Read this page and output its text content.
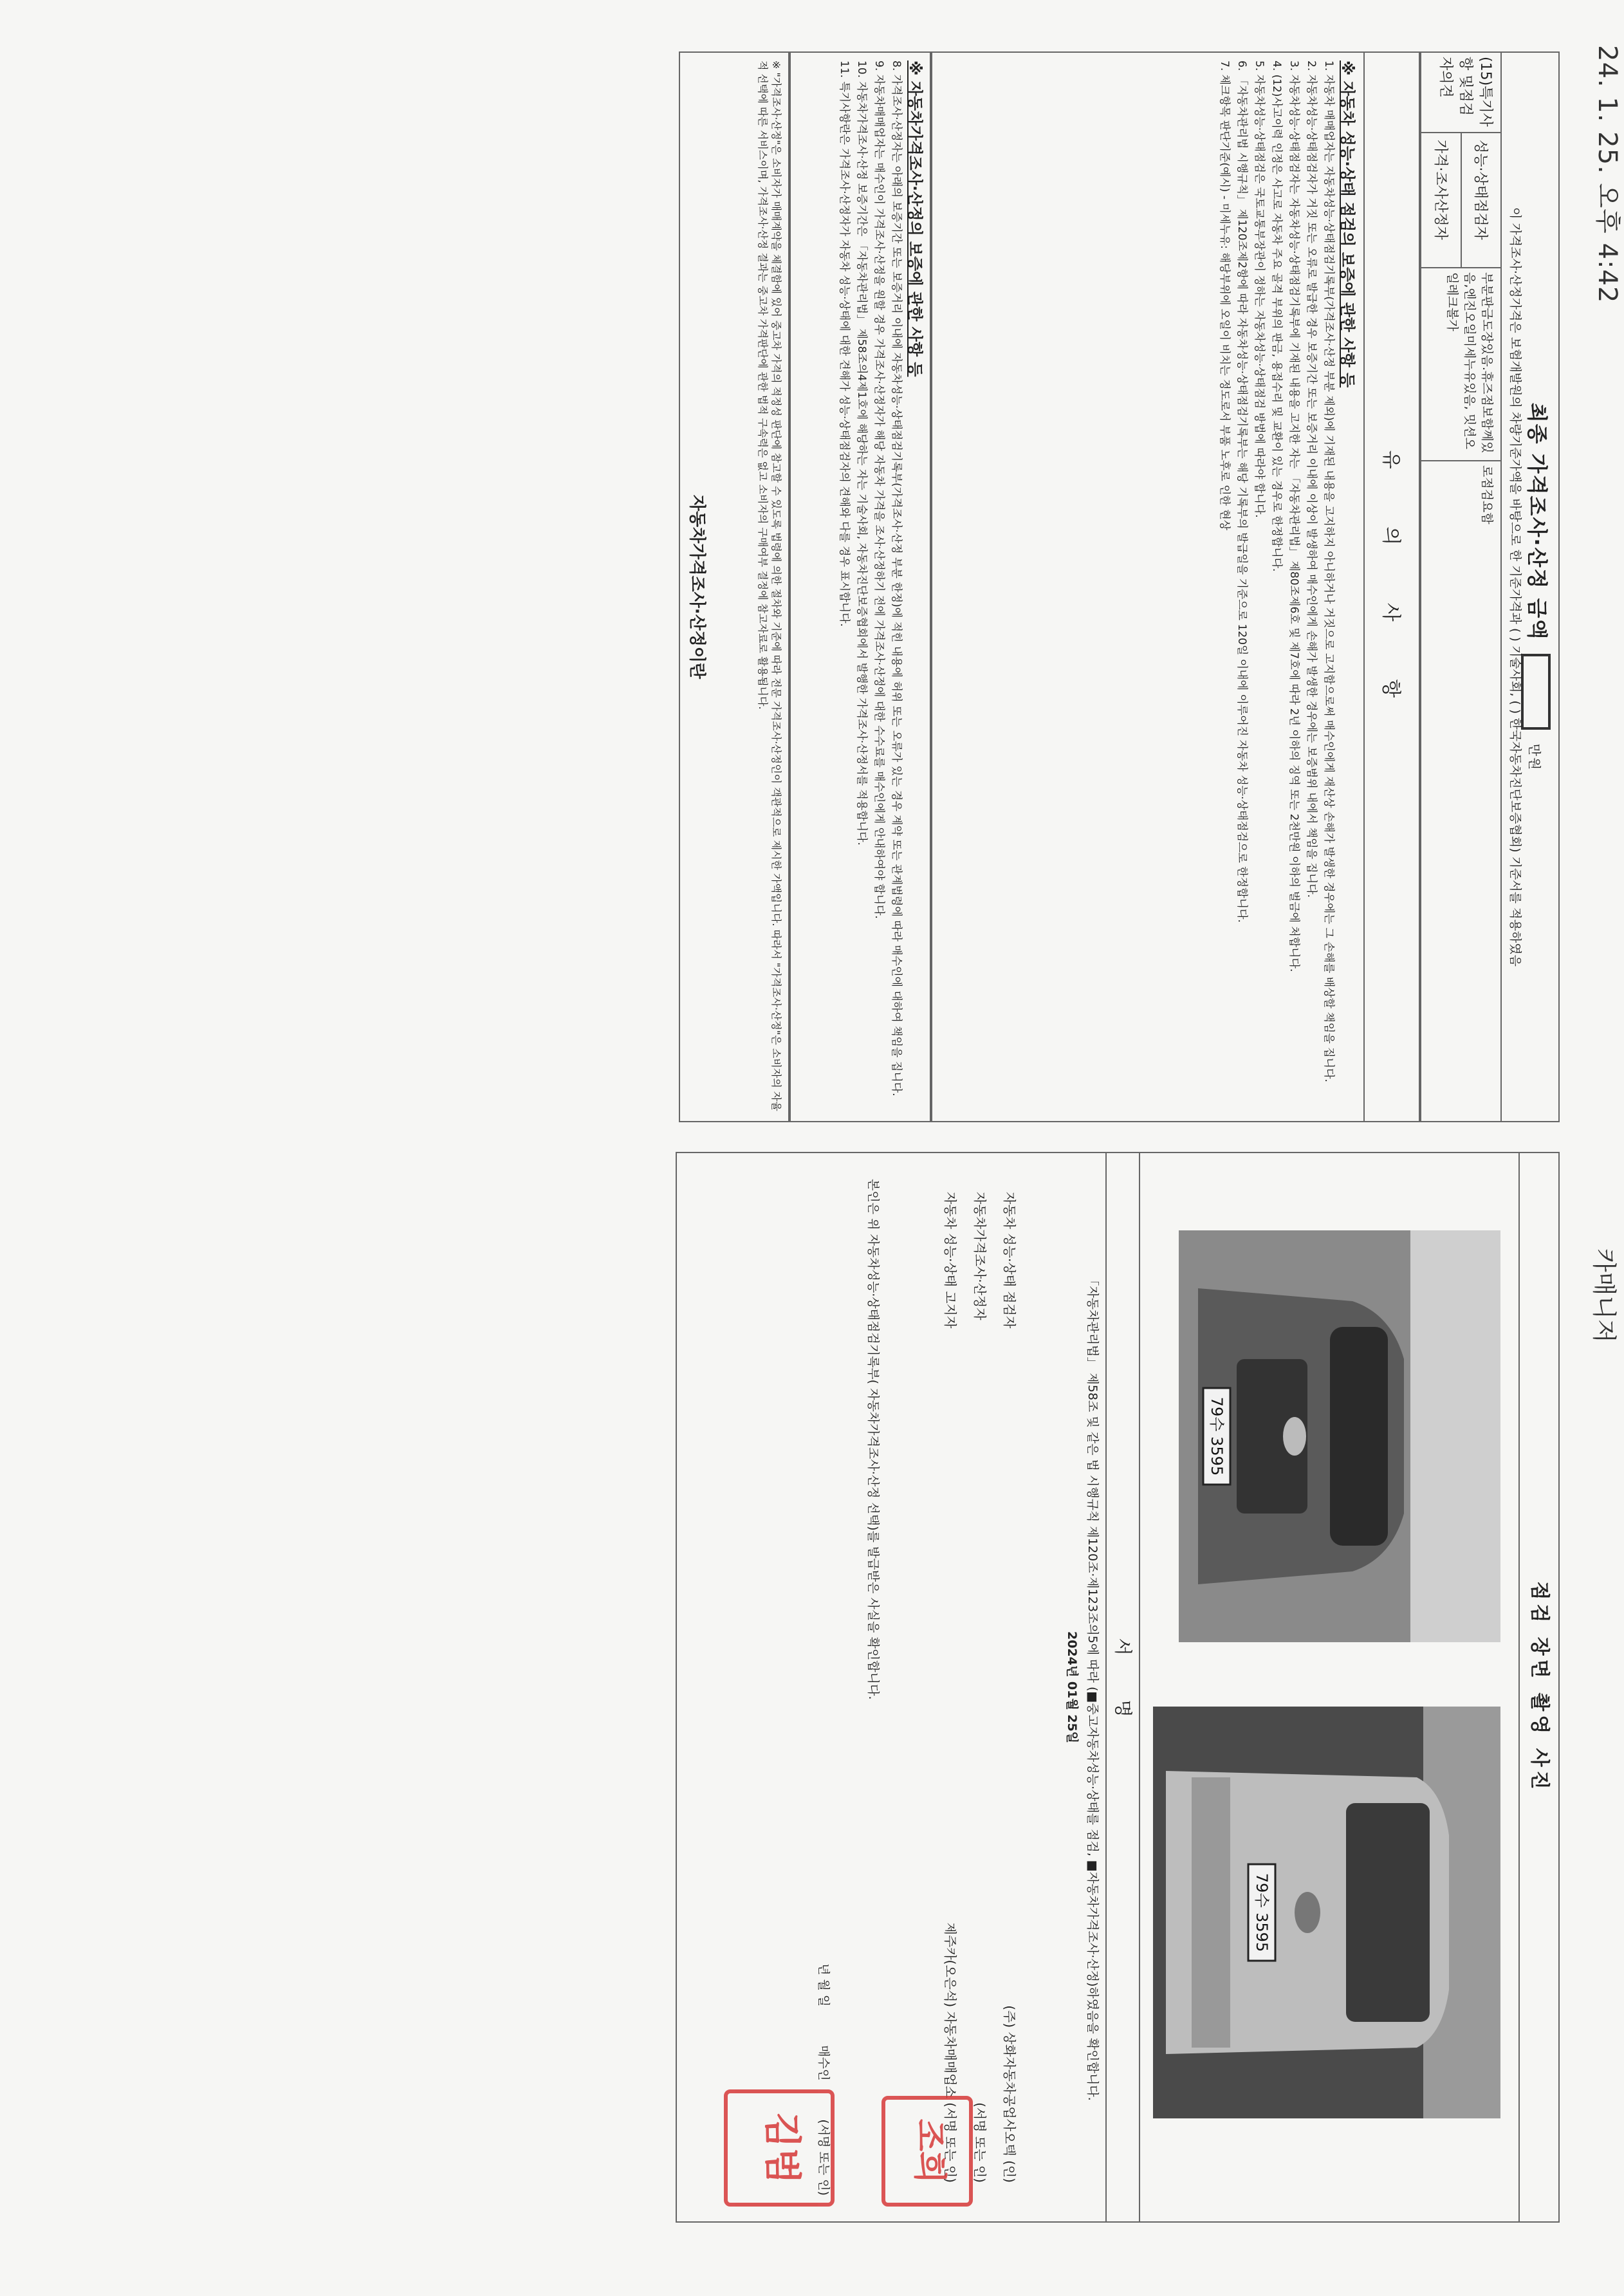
24. 1. 25. 오후 4:42
카매니저
최종 가격조사·산정 금액  만원
이 가격조사·산정가격은 보험개발원의 차량기준가액을 바탕으로 한 기준가격과 ( ) 기술사회, ( ) 한국자동차진단보증협회) 기준서를 적용하였음
(15)특기사항 및점검자의견
성능·상태점검자
가격·조사산정자
부분판금도장있음.휴즈점보함께있음,엔진오일미세누유있음, 밋션오일레크볼가
로점검요함
유 의 사 항
※ 자동차 성능·상태 점검의 보증에 관한 사항 등

1. 자동차 매매업자는 자동차성능·상태점검기록부(가격조사·산정 부분 제외)에 기재된 내용을 고지하지 아니하거나 거짓으로 고지함으로써 매수인에게 재산상 손해가 발생한 경우에는 그 손해를 배상할 책임을 집니다.

2. 자동차성능·상태점검자가 거짓 또는 오류로 발급한 경우 보증기간 또는 보증거리 이내에 이상이 발생하여 매수인에게 손해가 발생한 경우에는 보증범위 내에서 책임을 집니다.

3. 자동차성능·상태점검자는 자동차성능·상태점검기록부에 기재된 내용을 고지한 자는 「자동차관리법」 제80조제6호 및 제7호에 따라 2년 이하의 징역 또는 2천만원 이하의 벌금에 처합니다.

4. (12)사고이력 인정은 사고로 자동차 주요 골격 부위의 판금, 용접수리 및 교환이 있는 경우로 한정합니다.

5. 자동차성능·상태점검은 국토교통부장관이 정하는 자동차성능·상태점검 방법에 따라야 합니다.

6. 「자동차관리법 시행규칙」 제120조제2항에 따라 자동차성능·상태점검기록부는 해당 기록부의 발급일을 기준으로 120일 이내에 이루어진 자동차 성능·상태점검으로 한정합니다.

7. 체크항목 판단기준(예시) - 미세누유: 해당부위에 오일이 비치는 정도로서 부품 노후로 인한 현상

※ 자동차가격조사·산정의 보증에 관한 사항 등

8. 가격조사·산정자는 아래의 보증기간 또는 보증거리 이내에 자동차성능·상태점검기록부(가격조사·산정 부분 한정)에 적힌 내용에 허위 또는 오류가 있는 경우 계약 또는 관계법령에 따라 매수인에 대하여 책임을 집니다.

9. 자동차매매업자는 매수인이 가격조사·산정을 원할 경우 가격조사·산정자가 해당 자동차 가격을 조사·산정하기 전에 가격조사·산정에 대한 수수료를 매수인에게 안내하여야 합니다.

10. 자동차가격조사·산정 보증기간은 「자동차관리법」 제58조의4제1호에 해당하는 자는 기술사회, 자동차진단보증협회에서 발행한 가격조사·산정서를 적용합니다.

11. 특기사항란은 가격조사·산정자가 자동차 성능·상태에 대한 견해가 성능·상태점검자의 견해와 다를 경우 표시합니다.

※ "가격조사·산정"은 소비자가 매매계약을 체결함에 있어 중고차 가격의 적정성 판단에 참고할 수 있도록 법령에 의한 절차와 기준에 따라 전문 가격조사·산정인이 객관적으로 제시한 가액입니다. 따라서 "가격조사·산정"은 소비자의 자율적 선택에 따른 서비스이며, 가격조사·산정 결과는 중고차 가격판단에 관한 법적 구속력은 없고 소비자의 구매여부 결정에 참고자료로 활용됩니다.
자동차가격조사·산정이란
점검 장면 촬영 사진
79수 3595
79수 3595
서 명
「자동차관리법」 제58조 및 같은 법 시행규칙 제120조·제123조의5에 따라 (■중고자동차성능·상태를 점검, ■자동차가격조사·산정)하였음을 확인합니다.
2024년 01월 25일
자동차 성능·상태 점검자
(주) 상화자동차공업사오텍 (인)
자동차가격조사·산정자
(서명 또는 인)
자동차 성능·상태 고지자
제주카(오은석) 자동차매매업소 (서명 또는 인)
본인은 위 자동차성능·상태점검기록부( 자동차가격조사·산정 선택)를 발급받은 사실을 확인합니다.
년 월 일
매수인
(서명 또는 인)	조희
김범
